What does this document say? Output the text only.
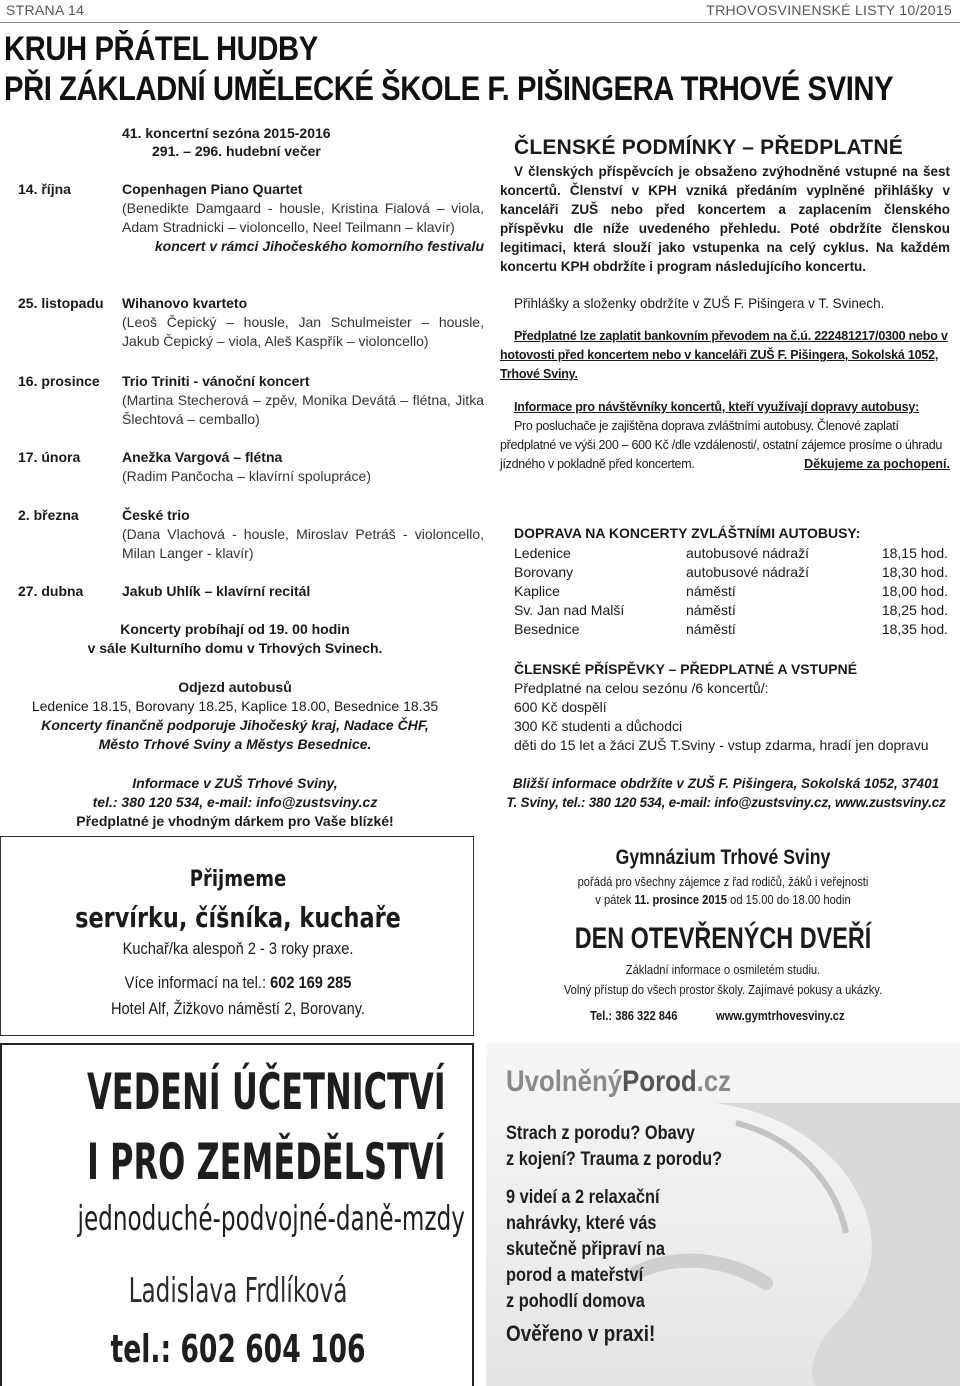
STRANA 14	TRHOVOSVINENSKÉ LISTY 10/2015
KRUH PŘÁTEL HUDBY
PŘI ZÁKLADNÍ UMĚLECKÉ ŠKOLE F. PIŠINGERA TRHOVÉ SVINY
41. koncertní sezóna 2015-2016
291. – 296. hudební večer
14. října	Copenhagen Piano Quartet
(Benedikte Damgaard - housle, Kristina Fialová – viola, Adam Stradnicki – violoncello, Neel Teilmann – klavír)
koncert v rámci Jihočeského komorního festivalu
25. listopadu Wihanovo kvarteto
(Leoš Čepický – housle, Jan Schulmeister – housle, Jakub Čepický – viola, Aleš Kaspřík – violoncello)
16. prosince Trio Triniti - vánoční koncert
(Martina Stecherová – zpěv, Monika Devátá – flétna, Jitka Šlechtová – cemballo)
17. února	Anežka Vargová – flétna
(Radim Pančocha – klavírní spolupráce)
2. března	České trio
(Dana Vlachová - housle, Miroslav Petráš - violoncello, Milan Langer - klavír)
27. dubna	Jakub Uhlík – klavírní recitál
Koncerty probíhají od 19. 00 hodin
v sále Kulturního domu v Trhových Svinech.
Odjezd autobusů
Ledenice 18.15, Borovany 18.25, Kaplice 18.00, Besednice 18.35
Koncerty finančně podporuje Jihočeský kraj, Nadace ČHF,
Město Trhové Sviny a Městys Besednice.
Informace v ZUŠ Trhové Sviny,
tel.: 380 120 534, e-mail: info@zustsviny.cz
Předplatné je vhodným dárkem pro Vaše blízké!
ČLENSKÉ PODMÍNKY – PŘEDPLATNÉ
V členských příspěvcích je obsaženo zvýhodněné vstupné na šest koncertů. Členství v KPH vzniká předáním vyplněné přihlášky v kanceláři ZUŠ nebo před koncertem a zaplacením členského příspěvku dle níže uvedeného přehledu. Poté obdržíte členskou legitimaci, která slouží jako vstupenka na celý cyklus. Na každém koncertu KPH obdržíte i program následujícího koncertu.
Přihlášky a složenky obdržíte v ZUŠ F. Pišingera v T. Svinech.
Předplatné lze zaplatit bankovním převodem na č.ú. 222481217/0300 nebo v hotovosti před koncertem nebo v kanceláři ZUŠ F. Pišingera, Sokolská 1052, Trhové Sviny.
Informace pro návštěvníky koncertů, kteří využívají dopravy autobusy:
Pro posluchače je zajištěna doprava zvláštními autobusy. Členové zaplatí předplatné ve výši 200 – 600 Kč /dle vzdálenosti/, ostatní zájemce prosíme o úhradu jízdného v pokladně před koncertem.	Děkujeme za pochopení.
DOPRAVA NA KONCERTY ZVLÁŠTNÍMI AUTOBUSY:
Ledenice	autobusové nádraží	18,15 hod.
Borovany	autobusové nádraží	18,30 hod.
Kaplice	náměstí	18,00 hod.
Sv. Jan nad Malší	náměstí	18,25 hod.
Besednice	náměstí	18,35 hod.
ČLENSKÉ PŘÍSPĚVKY – PŘEDPLATNÉ A VSTUPNÉ
Předplatné na celou sezónu /6 koncertů/:
600 Kč dospělí
300 Kč studenti a důchodci
děti do 15 let a žáci ZUŠ T.Sviny - vstup zdarma, hradí jen dopravu
Bližší informace obdržíte v ZUŠ F. Pišingera, Sokolská 1052, 37401
T. Sviny, tel.: 380 120 534, e-mail: info@zustsviny.cz, www.zustsviny.cz
Přijmeme
servírku, číšníka, kuchaře
Kuchař/ka alespoň 2 - 3 roky praxe.
Více informací na tel.: 602 169 285
Hotel Alf, Žižkovo náměstí 2, Borovany.
Gymnázium Trhové Sviny
pořádá pro všechny zájemce z řad rodičů, žáků i veřejnosti
v pátek 11. prosince 2015 od 15.00 do 18.00 hodin
DEN OTEVŘENÝCH DVEŘÍ
Základní informace o osmiletém studiu.
Volný přístup do všech prostor školy. Zajímavé pokusy a ukázky.
Tel.: 386 322 846	www.gymtrhovesviny.cz
VEDENÍ ÚČETNICTVÍ
I PRO ZEMĚDĚLSTVÍ
jednoduché-podvojné-daně-mzdy
Ladislava Frdlíková
tel.: 602 604 106
UvolněnýPorod.cz
Strach z porodu? Obavy
z kojení? Trauma z porodu?
9 videí a 2 relaxační
nahrávky, které vás
skutečně připraví na
porod a mateřství
z pohodlí domova
Ověřeno v praxi!
